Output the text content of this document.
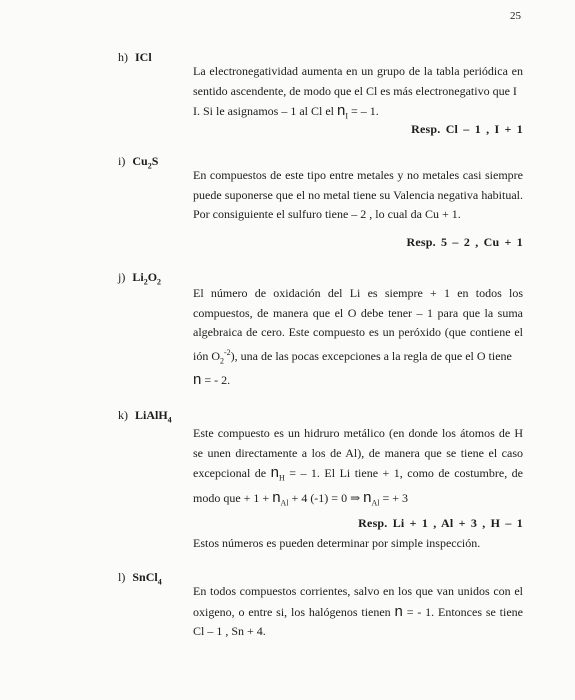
25
h) ICl
La electronegatividad aumenta en un grupo de la tabla periódica en sentido ascendente, de modo que el Cl es más electronegativo que I
I. Si le asignamos – 1 al Cl el $n_I$ = – 1.
Resp. Cl – 1 , I + 1
i) $Cu_2S$
En compuestos de este tipo entre metales y no metales casi siempre puede suponerse que el no metal tiene su Valencia negativa habitual. Por consiguiente el sulfuro tiene – 2 , lo cual da Cu + 1.
Resp. 5 – 2 , Cu + 1
j) $Li_2O_2$
El número de oxidación del Li es siempre + 1 en todos los compuestos, de manera que el O debe tener – 1 para que la suma algebraica de cero. Este compuesto es un peróxido (que contiene el ión $O_2^{-2}$), una de las pocas excepciones a la regla de que el O tiene
n = - 2.
k) LiAlH$_4$
Este compuesto es un hidruro metálico (en donde los átomos de H se unen directamente a los de Al), de manera que se tiene el caso excepcional de $n_H$ = – 1. El Li tiene + 1, como de costumbre, de modo que + $1 + n_{Al} + 4$ (-1) = 0 ⇒ $n_{Al}$ = + 3
Resp. Li + 1 , Al + 3 , H – 1
Estos números es pueden determinar por simple inspección.
l) SnCl$_4$
En todos compuestos corrientes, salvo en los que van unidos con el oxigeno, o entre si, los halógenos tienen n = - 1. Entonces se tiene Cl – 1 , Sn + 4.
